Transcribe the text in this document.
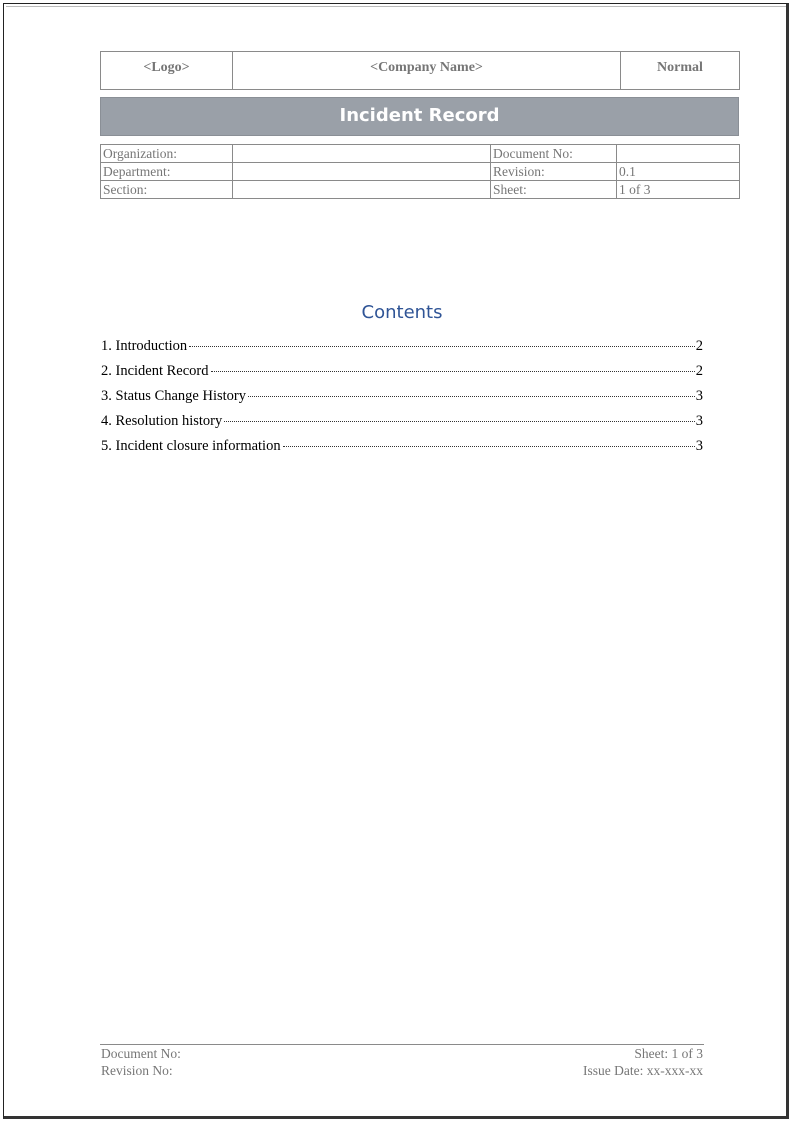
<Logo>	<Company Name>	Normal
Incident Record
Organization:		Document No:	
Department:		Revision:	0.1
Section:		Sheet:	1 of 3
Contents
1. Introduction	2
2. Incident Record	2
3. Status Change History	3
4. Resolution history	3
5. Incident closure information	3
Document No:
Revision No:
Sheet: 1 of 3
Issue Date: xx-xxx-xx
